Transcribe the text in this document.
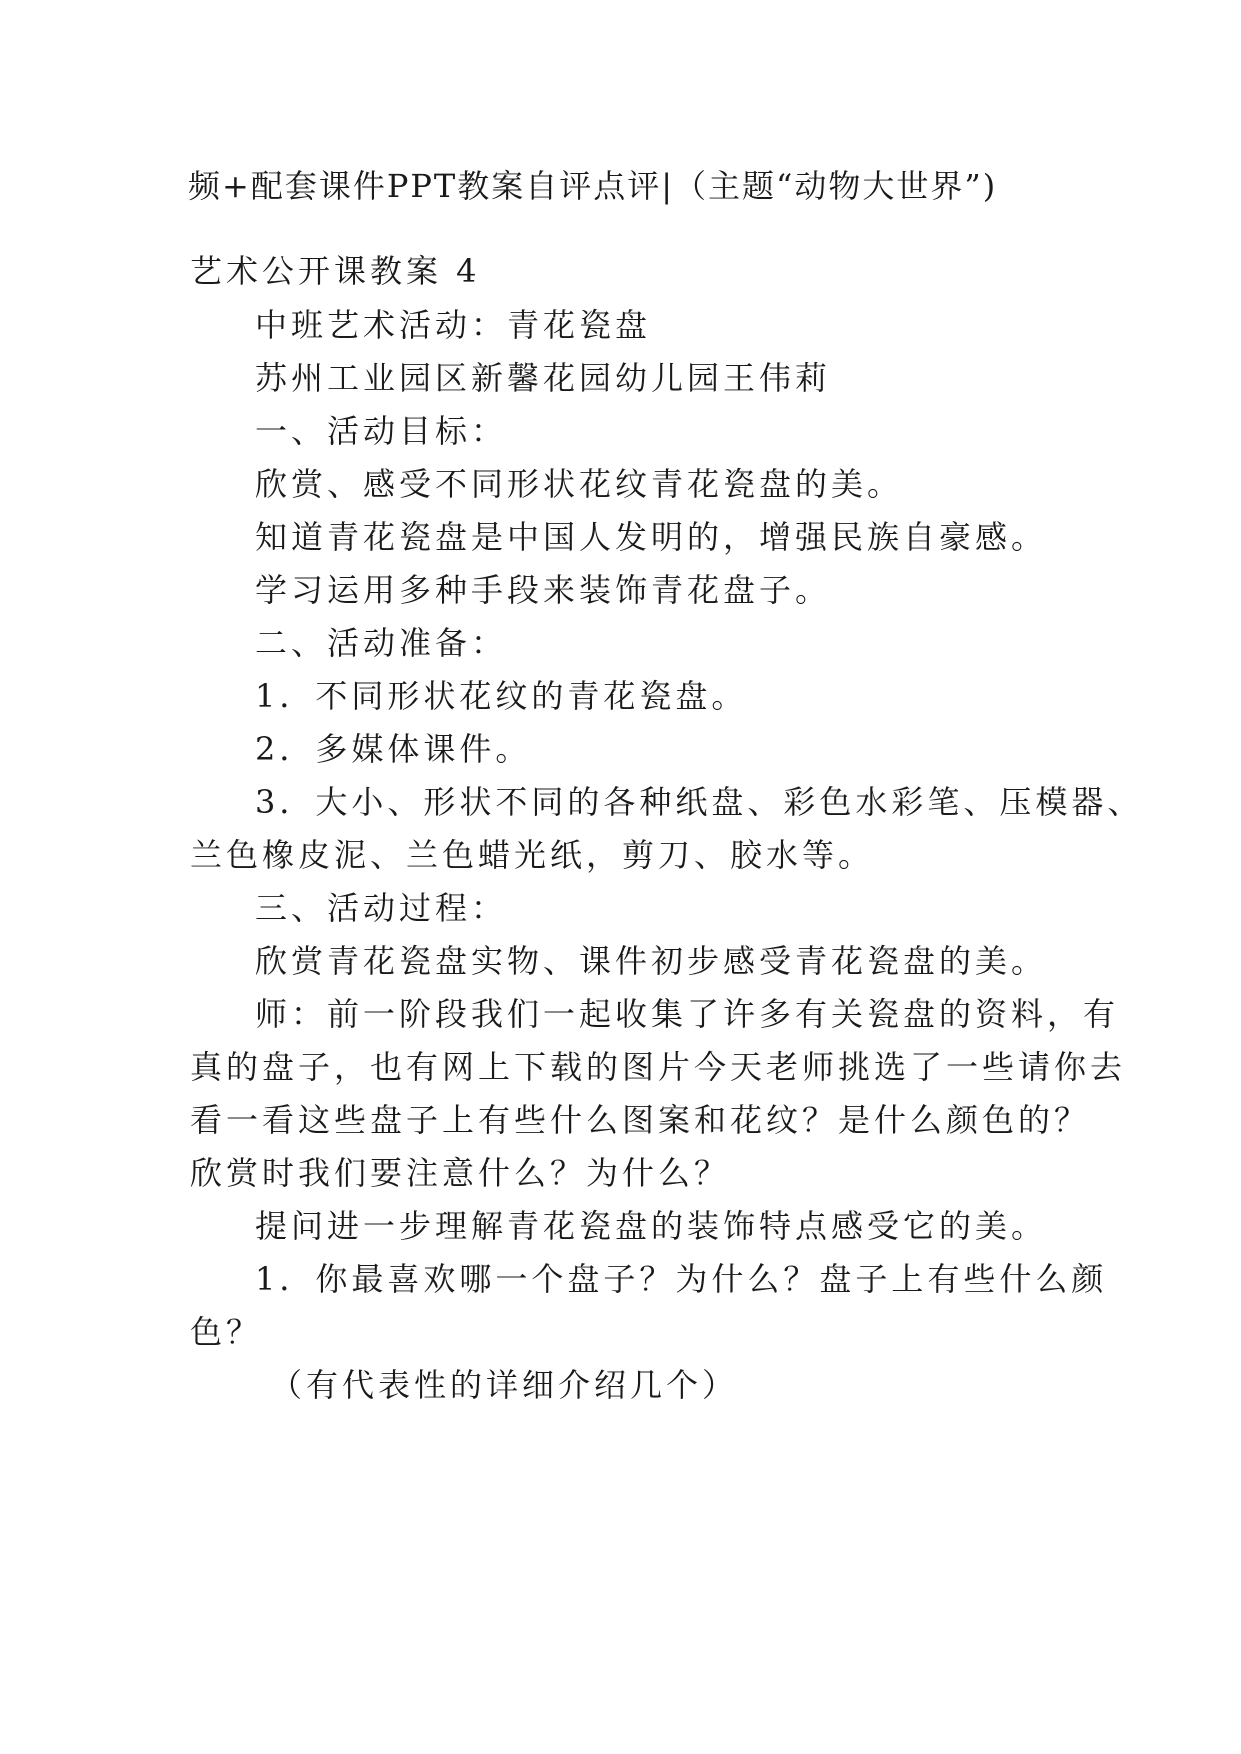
频+配套课件PPT教案自评点评|（主题“动物大世界”)
艺术公开课教案 4
中班艺术活动：青花瓷盘
苏州工业园区新馨花园幼儿园王伟莉
一、活动目标：
欣赏、感受不同形状花纹青花瓷盘的美。
知道青花瓷盘是中国人发明的，增强民族自豪感。
学习运用多种手段来装饰青花盘子。
二、活动准备：
1．不同形状花纹的青花瓷盘。
2．多媒体课件。
3．大小、形状不同的各种纸盘、彩色水彩笔、压模器、
兰色橡皮泥、兰色蜡光纸，剪刀、胶水等。
三、活动过程：
欣赏青花瓷盘实物、课件初步感受青花瓷盘的美。
师：前一阶段我们一起收集了许多有关瓷盘的资料，有
真的盘子，也有网上下载的图片今天老师挑选了一些请你去
看一看这些盘子上有些什么图案和花纹？是什么颜色的？
欣赏时我们要注意什么？为什么？
提问进一步理解青花瓷盘的装饰特点感受它的美。
1．你最喜欢哪一个盘子？为什么？盘子上有些什么颜
色？
（有代表性的详细介绍几个）
